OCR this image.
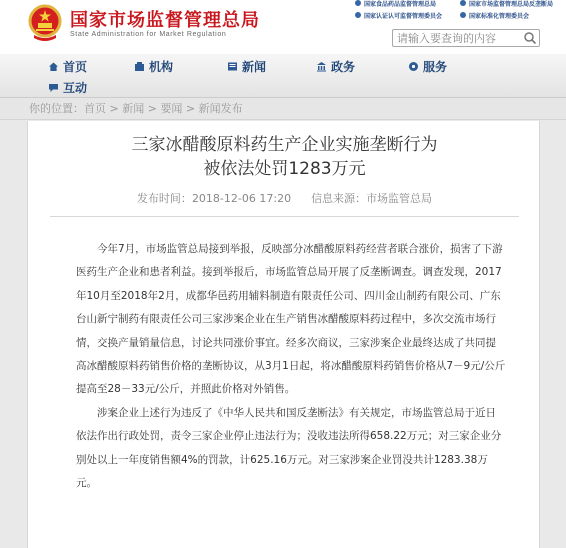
国家市场监督管理总局
State Administration for Market Regulation
国家食品药品监督管理总局	国家市场监督管理总局反垄断局
国家认证认可监督管理委员会	国家标准化管理委员会
请输入要查询的内容
首页	机构	新闻	政务	服务
互动
你的位置：首页 > 新闻 > 要闻 > 新闻发布
三家冰醋酸原料药生产企业实施垄断行为
被依法处罚1283万元
发布时间：2018-12-06 17:20 信息来源：市场监管总局

今年7月，市场监管总局接到举报，反映部分冰醋酸原料药经营者联合涨价，损害了下游医药生产企业和患者利益。接到举报后，市场监管总局开展了反垄断调查。调查发现，2017年10月至2018年2月，成都华邑药用辅料制造有限责任公司、四川金山制药有限公司、广东台山新宁制药有限责任公司三家涉案企业在生产销售冰醋酸原料药过程中，多次交流市场行情，交换产量销量信息，讨论共同涨价事宜。经多次商议，三家涉案企业最终达成了共同提高冰醋酸原料药销售价格的垄断协议，从3月1日起，将冰醋酸原料药销售价格从7－9元/公斤提高至28－33元/公斤，并照此价格对外销售。

涉案企业上述行为违反了《中华人民共和国反垄断法》有关规定，市场监管总局于近日依法作出行政处罚，责令三家企业停止违法行为；没收违法所得658.22万元；对三家企业分别处以上一年度销售额4%的罚款，计625.16万元。对三家涉案企业罚没共计1283.38万元。
